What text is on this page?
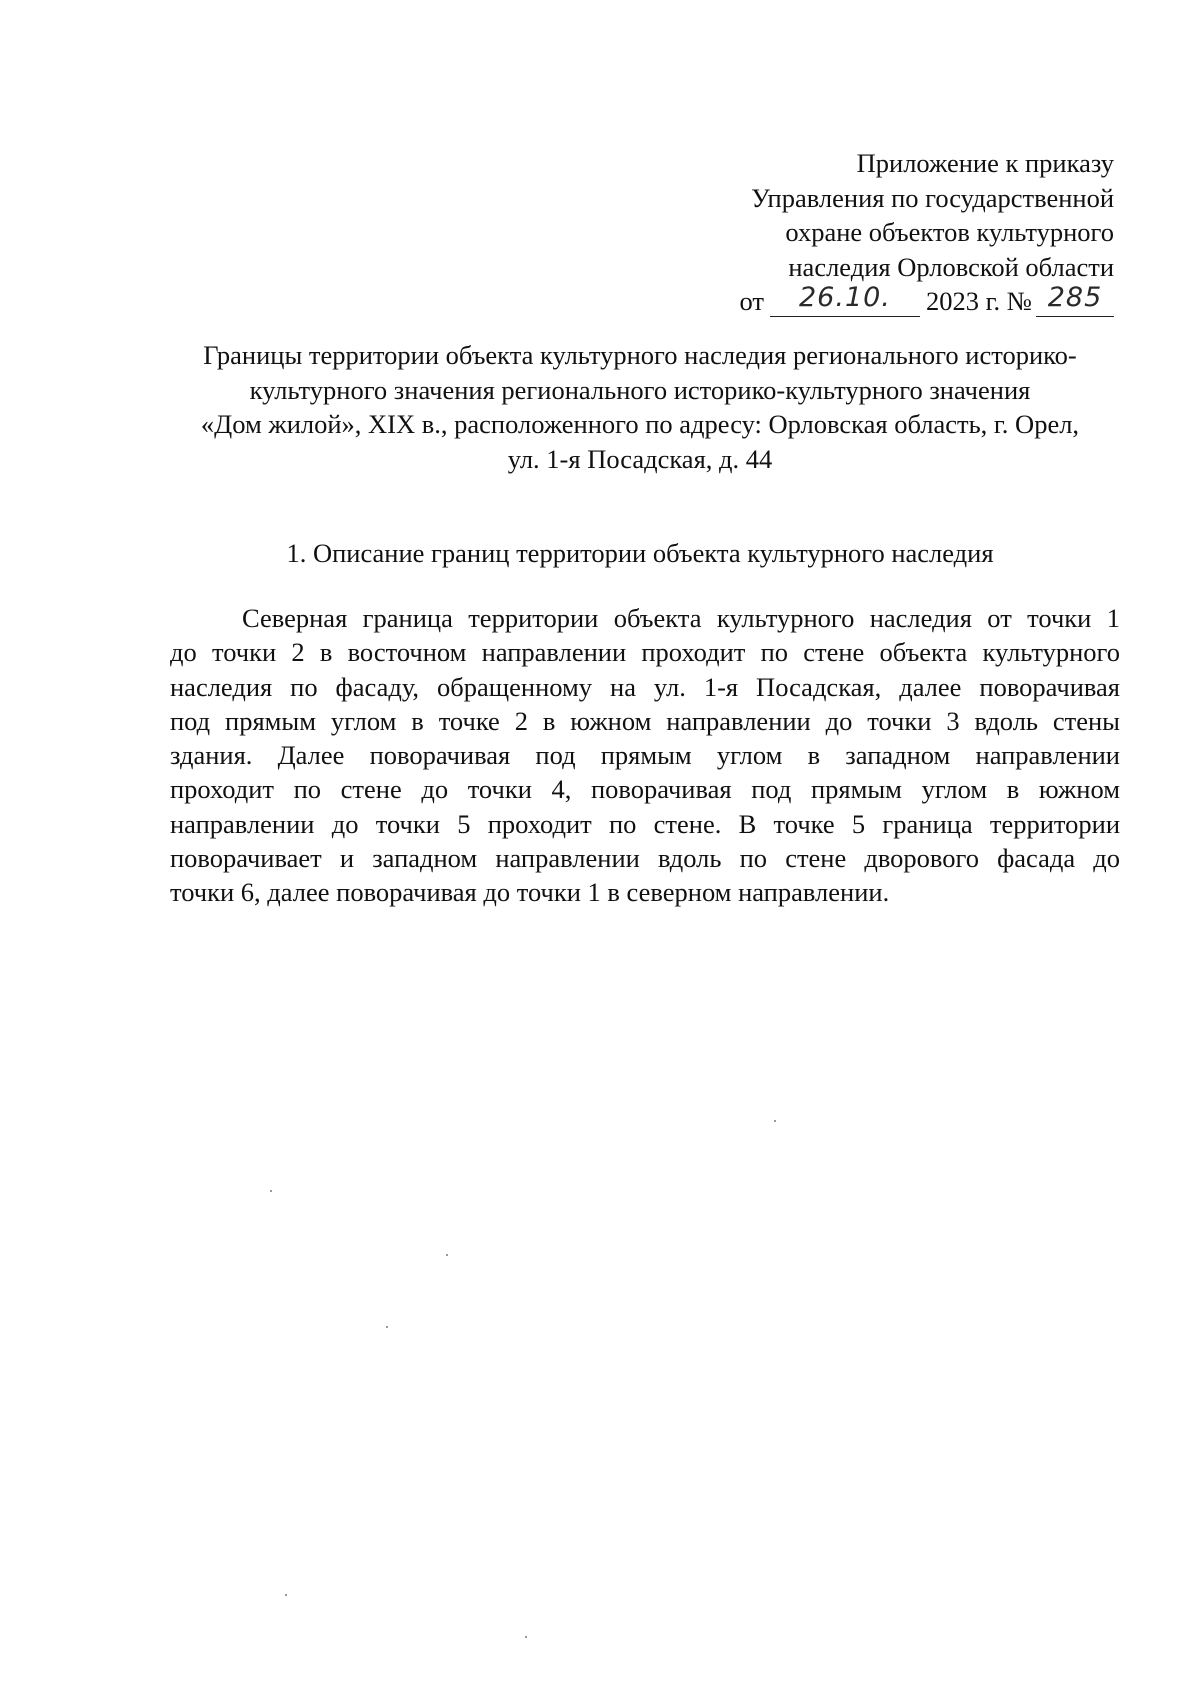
Приложение к приказу
Управления по государственной
охране объектов культурного
наследия Орловской области
от 26.10. 2023 г. № 285
Границы территории объекта культурного наследия регионального историко-
культурного значения регионального историко-культурного значения
«Дом жилой», XIX в., расположенного по адресу: Орловская область, г. Орел,
ул. 1-я Посадская, д. 44
1. Описание границ территории объекта культурного наследия
Северная граница территории объекта культурного наследия от точки 1
до точки 2 в восточном направлении проходит по стене объекта культурного
наследия по фасаду, обращенному на ул. 1-я Посадская, далее поворачивая
под прямым углом в точке 2 в южном направлении до точки 3 вдоль стены
здания. Далее поворачивая под прямым углом в западном направлении
проходит по стене до точки 4, поворачивая под прямым углом в южном
направлении до точки 5 проходит по стене. В точке 5 граница территории
поворачивает и западном направлении вдоль по стене дворового фасада до
точки 6, далее поворачивая до точки 1 в северном направлении.
